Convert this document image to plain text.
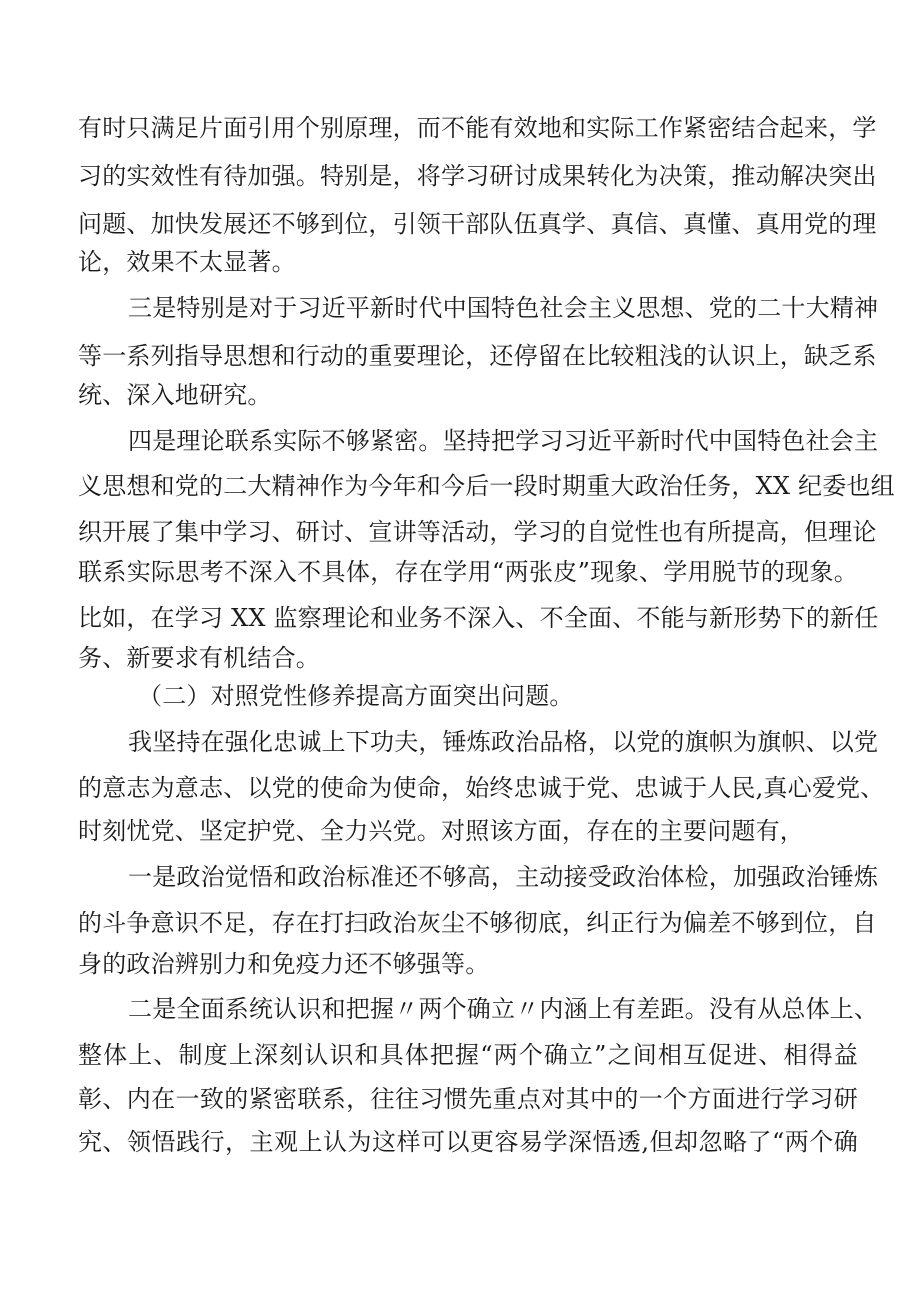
有时只满足片面引用个别原理，而不能有效地和实际工作紧密结合起来，学
习的实效性有待加强。特别是，将学习研讨成果转化为决策，推动解决突出
问题、加快发展还不够到位，引领干部队伍真学、真信、真懂、真用党的理
论，效果不太显著。
三是特别是对于习近平新时代中国特色社会主义思想、党的二十大精神
等一系列指导思想和行动的重要理论，还停留在比较粗浅的认识上，缺乏系
统、深入地研究。
四是理论联系实际不够紧密。坚持把学习习近平新时代中国特色社会主
义思想和党的二大精神作为今年和今后一段时期重大政治任务，XX 纪委也组
织开展了集中学习、研讨、宣讲等活动，学习的自觉性也有所提高，但理论
联系实际思考不深入不具体，存在学用“两张皮”现象、学用脱节的现象。
比如，在学习 XX 监察理论和业务不深入、不全面、不能与新形势下的新任
务、新要求有机结合。
（二）对照党性修养提高方面突出问题。
我坚持在强化忠诚上下功夫，锤炼政治品格，以党的旗帜为旗帜、以党
的意志为意志、以党的使命为使命，始终忠诚于党、忠诚于人民,真心爱党、
时刻忧党、坚定护党、全力兴党。对照该方面，存在的主要问题有，
一是政治觉悟和政治标准还不够高，主动接受政治体检，加强政治锤炼
的斗争意识不足，存在打扫政治灰尘不够彻底，纠正行为偏差不够到位，自
身的政治辨别力和免疫力还不够强等。
二是全面系统认识和把握〃两个确立〃内涵上有差距。没有从总体上、
整体上、制度上深刻认识和具体把握“两个确立”之间相互促进、相得益
彰、内在一致的紧密联系，往往习惯先重点对其中的一个方面进行学习研
究、领悟践行，主观上认为这样可以更容易学深悟透,但却忽略了“两个确
